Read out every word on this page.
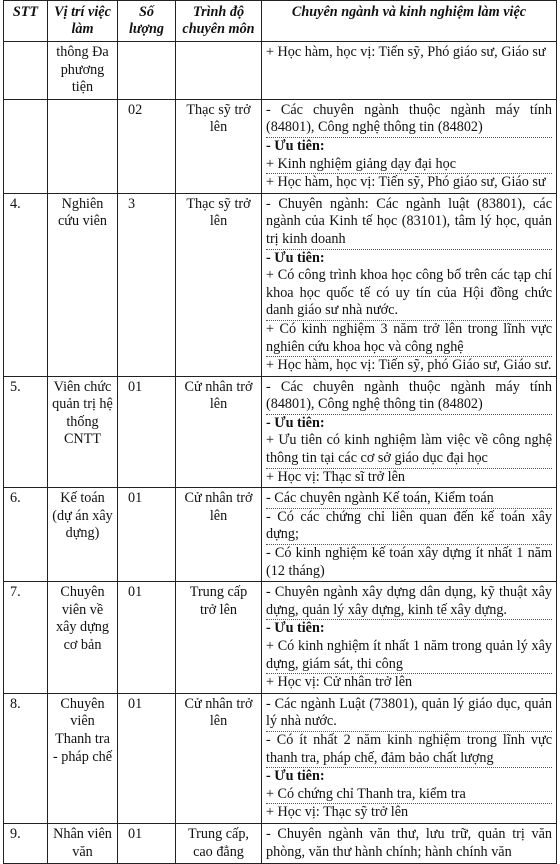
STT	Vị trí việc làm	Số lượng	Trình độ chuyên môn	Chuyên ngành và kinh nghiệm làm việc
	thông Đa phương tiện			+ Học hàm, học vị: Tiến sỹ, Phó giáo sư, Giáo sư

		02	Thạc sỹ trở lên	- Các chuyên ngành thuộc ngành máy tính (84801), Công nghệ thông tin (84802)

- Ưu tiên:

+ Kinh nghiệm giảng dạy đại học

+ Học hàm, học vị: Tiến sỹ, Phó giáo sư, Giáo sư

4.	Nghiên cứu viên	3	Thạc sỹ trở lên	- Chuyên ngành: Các ngành luật (83801), các ngành của Kinh tế học (83101), tâm lý học, quản trị kinh doanh

- Ưu tiên:

+ Có công trình khoa học công bố trên các tạp chí khoa học quốc tế có uy tín của Hội đồng chức danh giáo sư nhà nước.

+ Có kinh nghiệm 3 năm trở lên trong lĩnh vực nghiên cứu khoa học và công nghệ

+ Học hàm, học vị: Tiến sỹ, phó Giáo sư, Giáo sư.

5.	Viên chức quản trị hệ thống CNTT	01	Cử nhân trở lên	- Các chuyên ngành thuộc ngành máy tính (84801), Công nghệ thông tin (84802)

- Ưu tiên:

+ Ưu tiên có kinh nghiệm làm việc về công nghệ thông tin tại các cơ sở giáo dục đại học

+ Học vị: Thạc sĩ trở lên

6.	Kế toán (dự án xây dựng)	01	Cử nhân trở lên	- Các chuyên ngành Kế toán, Kiểm toán

- Có các chứng chỉ liên quan đến kế toán xây dựng;

- Có kinh nghiệm kế toán xây dựng ít nhất 1 năm (12 tháng)

7.	Chuyên viên về xây dựng cơ bản	01	Trung cấp trở lên	- Chuyên ngành xây dựng dân dụng, kỹ thuật xây dựng, quản lý xây dựng, kinh tế xây dựng.

- Ưu tiên:

+ Có kinh nghiệm ít nhất 1 năm trong quản lý xây dựng, giám sát, thi công

+ Học vị: Cử nhân trở lên

8.	Chuyên viên Thanh tra - pháp chế	01	Cử nhân trở lên	- Các ngành Luật (73801), quản lý giáo dục, quản lý nhà nước.

- Có ít nhất 2 năm kinh nghiệm trong lĩnh vực thanh tra, pháp chế, đảm bảo chất lượng

- Ưu tiên:

+ Có chứng chỉ Thanh tra, kiểm tra

+ Học vị: Thạc sỹ trở lên

9.	Nhân viên văn	01	Trung cấp, cao đẳng	- Chuyên ngành văn thư, lưu trữ, quản trị văn phòng, văn thư hành chính; hành chính văn
